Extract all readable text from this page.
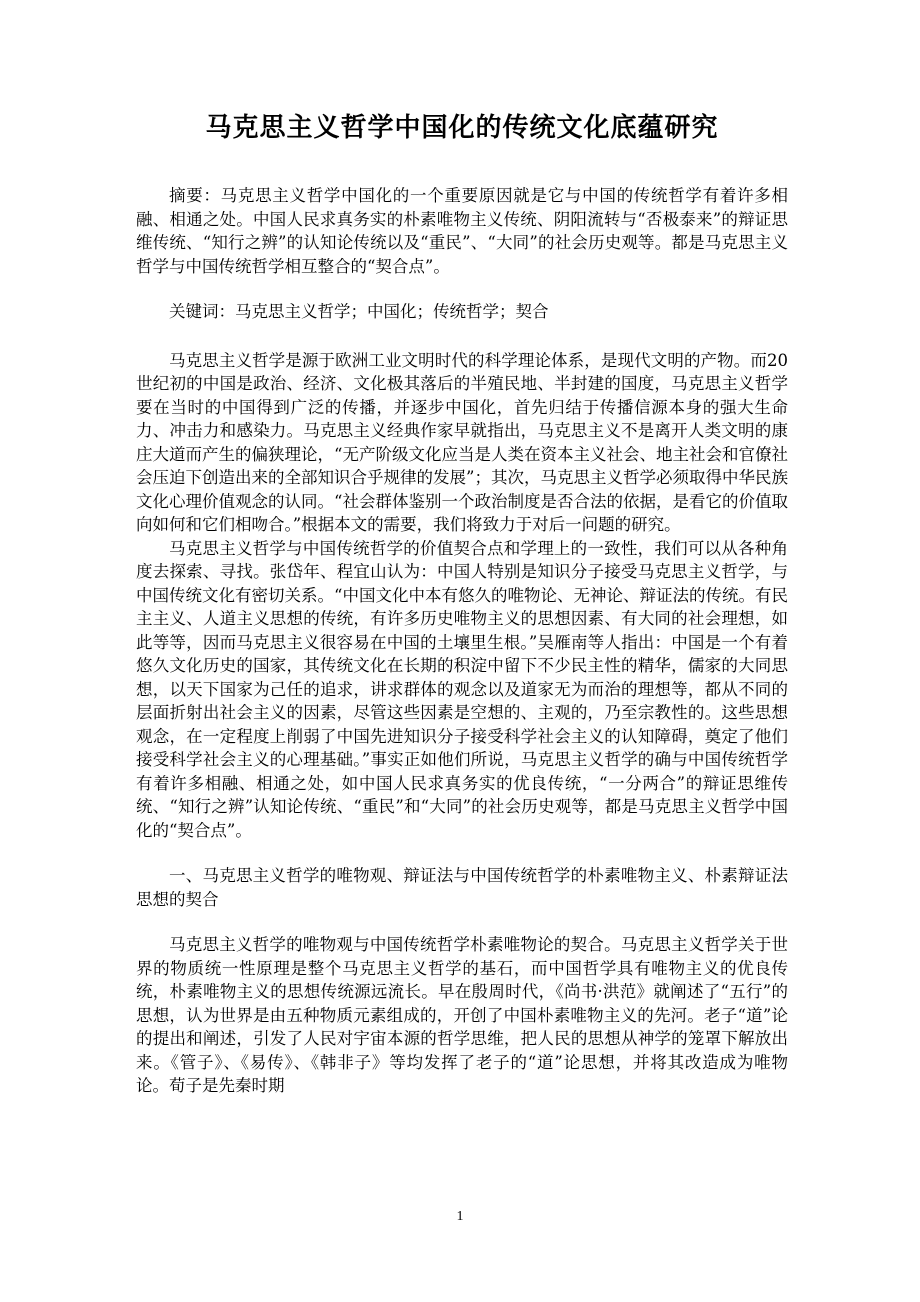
马克思主义哲学中国化的传统文化底蕴研究

摘要：马克思主义哲学中国化的一个重要原因就是它与中国的传统哲学有着许多相融、相通之处。中国人民求真务实的朴素唯物主义传统、阴阳流转与“否极泰来”的辩证思维传统、“知行之辨”的认知论传统以及“重民”、“大同”的社会历史观等。都是马克思主义哲学与中国传统哲学相互整合的“契合点”。

关键词：马克思主义哲学；中国化；传统哲学；契合

马克思主义哲学是源于欧洲工业文明时代的科学理论体系，是现代文明的产物。而20世纪初的中国是政治、经济、文化极其落后的半殖民地、半封建的国度，马克思主义哲学要在当时的中国得到广泛的传播，并逐步中国化，首先归结于传播信源本身的强大生命力、冲击力和感染力。马克思主义经典作家早就指出，马克思主义不是离开人类文明的康庄大道而产生的偏狭理论，“无产阶级文化应当是人类在资本主义社会、地主社会和官僚社会压迫下创造出来的全部知识合乎规律的发展”；其次，马克思主义哲学必须取得中华民族文化心理价值观念的认同。“社会群体鉴别一个政治制度是否合法的依据，是看它的价值取向如何和它们相吻合。”根据本文的需要，我们将致力于对后一问题的研究。

马克思主义哲学与中国传统哲学的价值契合点和学理上的一致性，我们可以从各种角度去探索、寻找。张岱年、程宜山认为：中国人特别是知识分子接受马克思主义哲学，与中国传统文化有密切关系。“中国文化中本有悠久的唯物论、无神论、辩证法的传统。有民主主义、人道主义思想的传统，有许多历史唯物主义的思想因素、有大同的社会理想，如此等等，因而马克思主义很容易在中国的土壤里生根。”吴雁南等人指出：中国是一个有着悠久文化历史的国家，其传统文化在长期的积淀中留下不少民主性的精华，儒家的大同思想，以天下国家为己任的追求，讲求群体的观念以及道家无为而治的理想等，都从不同的层面折射出社会主义的因素，尽管这些因素是空想的、主观的，乃至宗教性的。这些思想观念，在一定程度上削弱了中国先进知识分子接受科学社会主义的认知障碍，奠定了他们接受科学社会主义的心理基础。”事实正如他们所说，马克思主义哲学的确与中国传统哲学有着许多相融、相通之处，如中国人民求真务实的优良传统，“一分两合”的辩证思维传统、“知行之辨”认知论传统、“重民”和“大同”的社会历史观等，都是马克思主义哲学中国化的“契合点”。

一、马克思主义哲学的唯物观、辩证法与中国传统哲学的朴素唯物主义、朴素辩证法思想的契合

马克思主义哲学的唯物观与中国传统哲学朴素唯物论的契合。马克思主义哲学关于世界的物质统一性原理是整个马克思主义哲学的基石，而中国哲学具有唯物主义的优良传统，朴素唯物主义的思想传统源远流长。早在殷周时代，《尚书·洪范》就阐述了“五行”的思想，认为世界是由五种物质元素组成的，开创了中国朴素唯物主义的先河。老子“道”论的提出和阐述，引发了人民对宇宙本源的哲学思维，把人民的思想从神学的笼罩下解放出来。《管子》、《易传》、《韩非子》等均发挥了老子的“道”论思想，并将其改造成为唯物论。荀子是先秦时期

1
